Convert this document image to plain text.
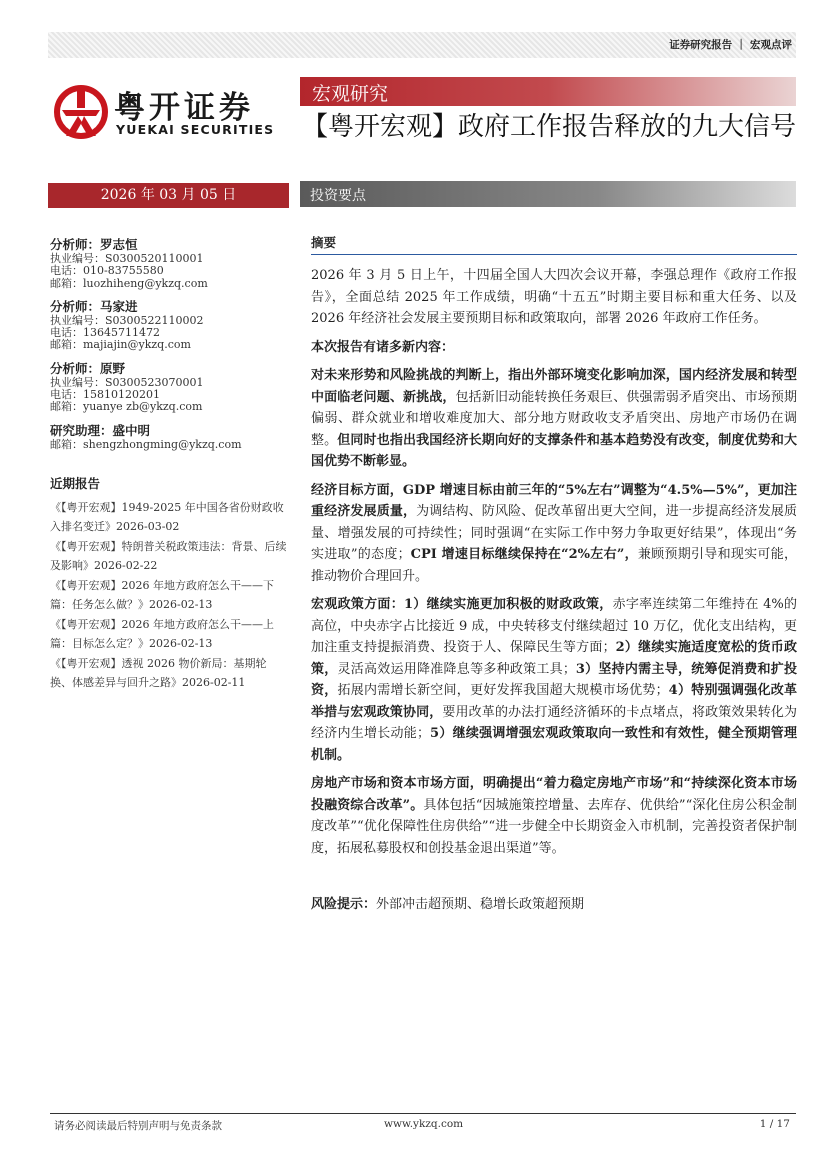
证券研究报告 ｜ 宏观点评
粤开证券
YUEKAI SECURITIES
宏观研究
【粤开宏观】政府工作报告释放的九大信号
2026 年 03 月 05 日	投资要点
分析师：罗志恒
执业编号：S0300520110001
电话：010-83755580
邮箱：luozhiheng@ykzq.com
分析师：马家进
执业编号：S0300522110002
电话：13645711472
邮箱：majiajin@ykzq.com
分析师：原野
执业编号：S0300523070001
电话：15810120201
邮箱：yuanye zb@ykzq.com
研究助理：盛中明
邮箱：shengzhongming@ykzq.com
近期报告
《【粤开宏观】1949-2025 年中国各省份财政收入排名变迁》2026-03-02
《【粤开宏观】特朗普关税政策违法：背景、后续及影响》2026-02-22
《【粤开宏观】2026 年地方政府怎么干——下篇：任务怎么做？》2026-02-13
《【粤开宏观】2026 年地方政府怎么干——上篇：目标怎么定？》2026-02-13
《【粤开宏观】透视 2026 物价新局：基期轮换、体感差异与回升之路》2026-02-11
摘要

2026 年 3 月 5 日上午，十四届全国人大四次会议开幕，李强总理作《政府工作报告》，全面总结 2025 年工作成绩，明确“十五五”时期主要目标和重大任务、以及 2026 年经济社会发展主要预期目标和政策取向，部署 2026 年政府工作任务。

本次报告有诸多新内容：

对未来形势和风险挑战的判断上，指出外部环境变化影响加深，国内经济发展和转型中面临老问题、新挑战，包括新旧动能转换任务艰巨、供强需弱矛盾突出、市场预期偏弱、群众就业和增收难度加大、部分地方财政收支矛盾突出、房地产市场仍在调整。但同时也指出我国经济长期向好的支撑条件和基本趋势没有改变，制度优势和大国优势不断彰显。

经济目标方面，GDP 增速目标由前三年的“5%左右”调整为“4.5%—5%”，更加注重经济发展质量，为调结构、防风险、促改革留出更大空间，进一步提高经济发展质量、增强发展的可持续性；同时强调“在实际工作中努力争取更好结果”，体现出“务实进取”的态度；CPI 增速目标继续保持在“2%左右”，兼顾预期引导和现实可能，推动物价合理回升。

宏观政策方面：1）继续实施更加积极的财政政策，赤字率连续第二年维持在 4%的高位，中央赤字占比接近 9 成，中央转移支付继续超过 10 万亿，优化支出结构，更加注重支持提振消费、投资于人、保障民生等方面；2）继续实施适度宽松的货币政策，灵活高效运用降准降息等多种政策工具；3）坚持内需主导，统筹促消费和扩投资，拓展内需增长新空间，更好发挥我国超大规模市场优势；4）特别强调强化改革举措与宏观政策协同，要用改革的办法打通经济循环的卡点堵点，将政策效果转化为经济内生增长动能；5）继续强调增强宏观政策取向一致性和有效性，健全预期管理机制。

房地产市场和资本市场方面，明确提出“着力稳定房地产市场”和“持续深化资本市场投融资综合改革”。具体包括“因城施策控增量、去库存、优供给”“深化住房公积金制度改革”“优化保障性住房供给”“进一步健全中长期资金入市机制，完善投资者保护制度，拓展私募股权和创投基金退出渠道”等。

风险提示：外部冲击超预期、稳增长政策超预期

请务必阅读最后特别声明与免责条款	www.ykzq.com	1 / 17
